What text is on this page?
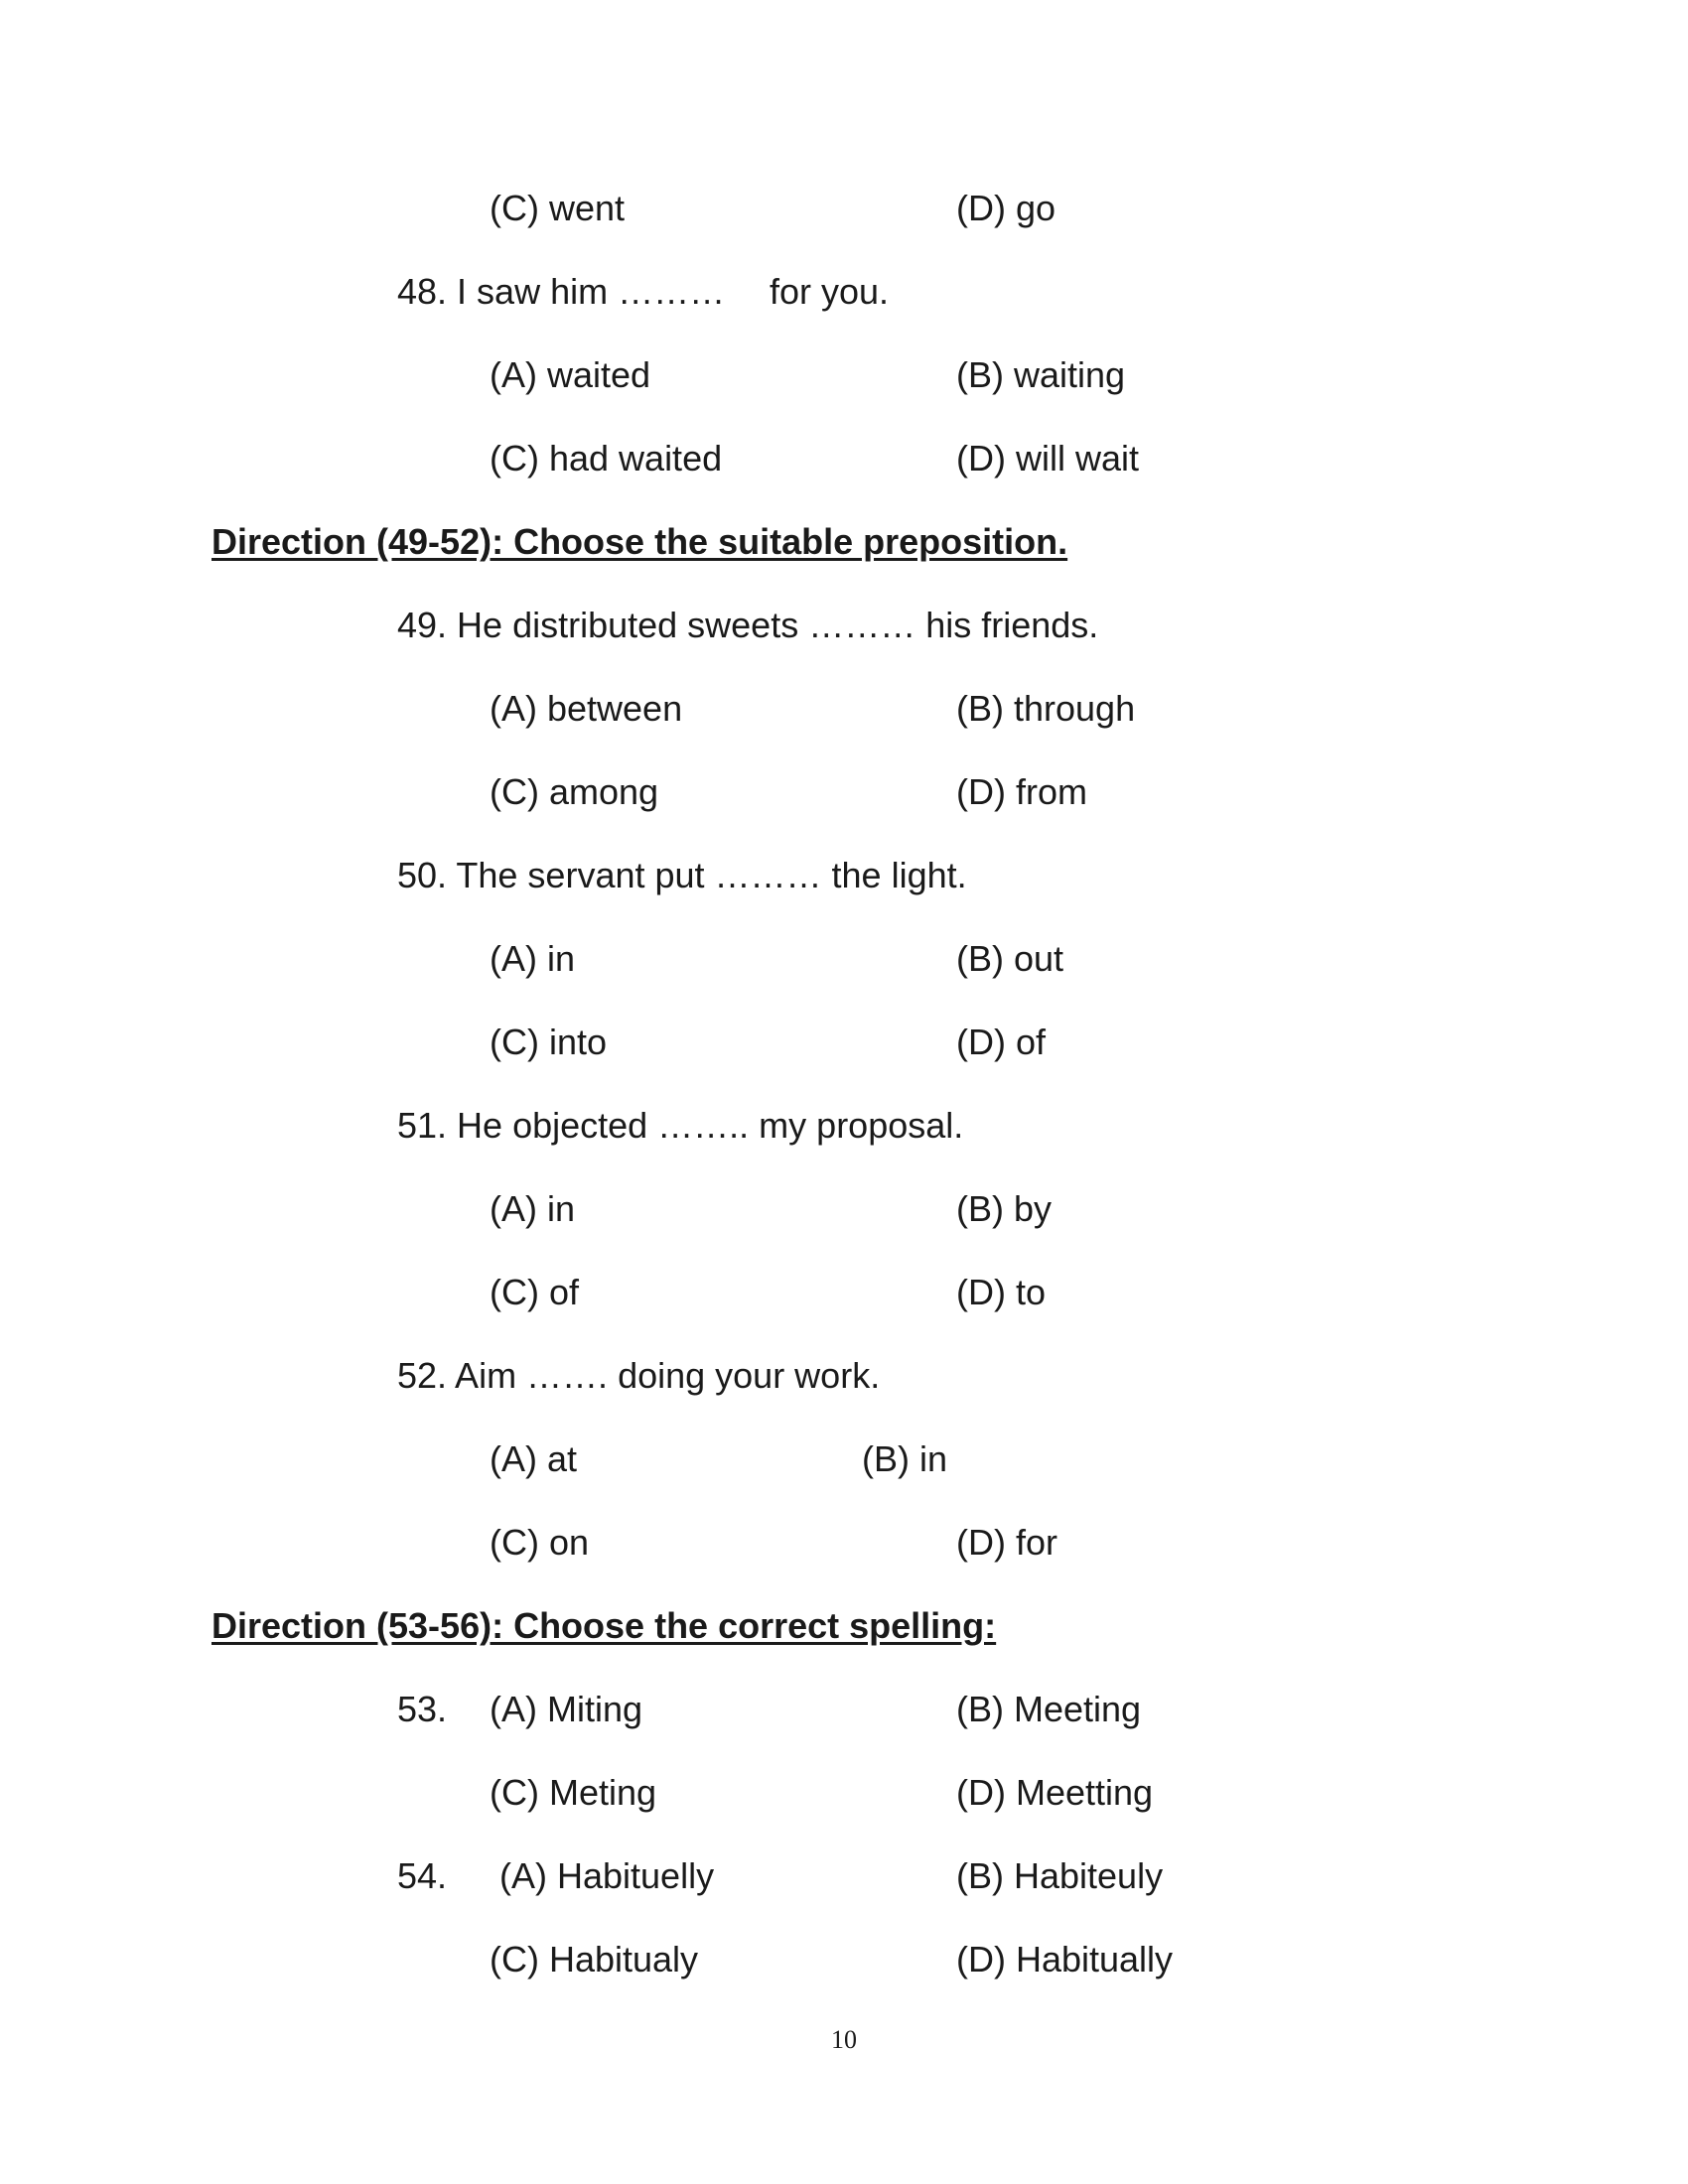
(C) went	(D) go
48. I saw him ……… for you.
(A) waited	(B) waiting
(C) had waited	(D) will wait
Direction (49-52): Choose the suitable preposition.
49. He distributed sweets ……… his friends.
(A) between	(B) through
(C) among	(D) from
50. The servant put ……… the light.
(A) in	(B) out
(C) into	(D) of
51. He objected …….. my proposal.
(A) in	(B) by
(C) of	(D) to
52. Aim ……. doing your work.
(A) at	(B) in
(C) on	(D) for
Direction (53-56): Choose the correct spelling:
53. (A) Miting	(B) Meeting
(C) Meting	(D) Meetting
54. (A) Habituelly	(B) Habiteuly
(C) Habitualy	(D) Habitually
10
